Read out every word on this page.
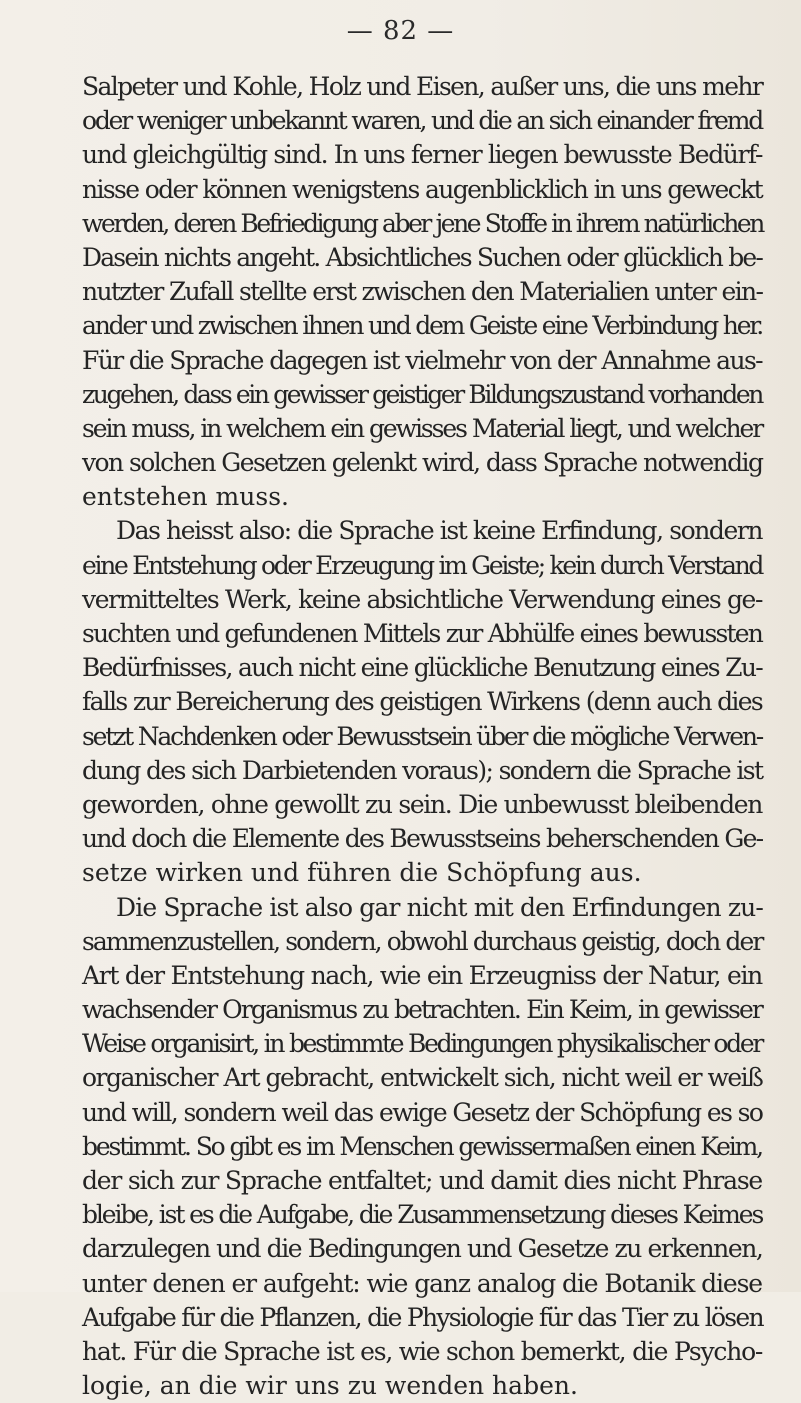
— 82 —
Salpeter und Kohle, Holz und Eisen, außer uns, die uns mehr
oder weniger unbekannt waren, und die an sich einander fremd
und gleichgültig sind. In uns ferner liegen bewusste Bedürf-
nisse oder können wenigstens augenblicklich in uns geweckt
werden, deren Befriedigung aber jene Stoffe in ihrem natürlichen
Dasein nichts angeht. Absichtliches Suchen oder glücklich be-
nutzter Zufall stellte erst zwischen den Materialien unter ein-
ander und zwischen ihnen und dem Geiste eine Verbindung her.
Für die Sprache dagegen ist vielmehr von der Annahme aus-
zugehen, dass ein gewisser geistiger Bildungszustand vorhanden
sein muss, in welchem ein gewisses Material liegt, und welcher
von solchen Gesetzen gelenkt wird, dass Sprache notwendig
entstehen muss.
Das heisst also: die Sprache ist keine Erfindung, sondern
eine Entstehung oder Erzeugung im Geiste; kein durch Verstand
vermitteltes Werk, keine absichtliche Verwendung eines ge-
suchten und gefundenen Mittels zur Abhülfe eines bewussten
Bedürfnisses, auch nicht eine glückliche Benutzung eines Zu-
falls zur Bereicherung des geistigen Wirkens (denn auch dies
setzt Nachdenken oder Bewusstsein über die mögliche Verwen-
dung des sich Darbietenden voraus); sondern die Sprache ist
geworden, ohne gewollt zu sein. Die unbewusst bleibenden
und doch die Elemente des Bewusstseins beherschenden Ge-
setze wirken und führen die Schöpfung aus.
Die Sprache ist also gar nicht mit den Erfindungen zu-
sammenzustellen, sondern, obwohl durchaus geistig, doch der
Art der Entstehung nach, wie ein Erzeugniss der Natur, ein
wachsender Organismus zu betrachten. Ein Keim, in gewisser
Weise organisirt, in bestimmte Bedingungen physikalischer oder
organischer Art gebracht, entwickelt sich, nicht weil er weiß
und will, sondern weil das ewige Gesetz der Schöpfung es so
bestimmt. So gibt es im Menschen gewissermaßen einen Keim,
der sich zur Sprache entfaltet; und damit dies nicht Phrase
bleibe, ist es die Aufgabe, die Zusammensetzung dieses Keimes
darzulegen und die Bedingungen und Gesetze zu erkennen,
unter denen er aufgeht: wie ganz analog die Botanik diese
Aufgabe für die Pflanzen, die Physiologie für das Tier zu lösen
hat. Für die Sprache ist es, wie schon bemerkt, die Psycho-
logie, an die wir uns zu wenden haben.
